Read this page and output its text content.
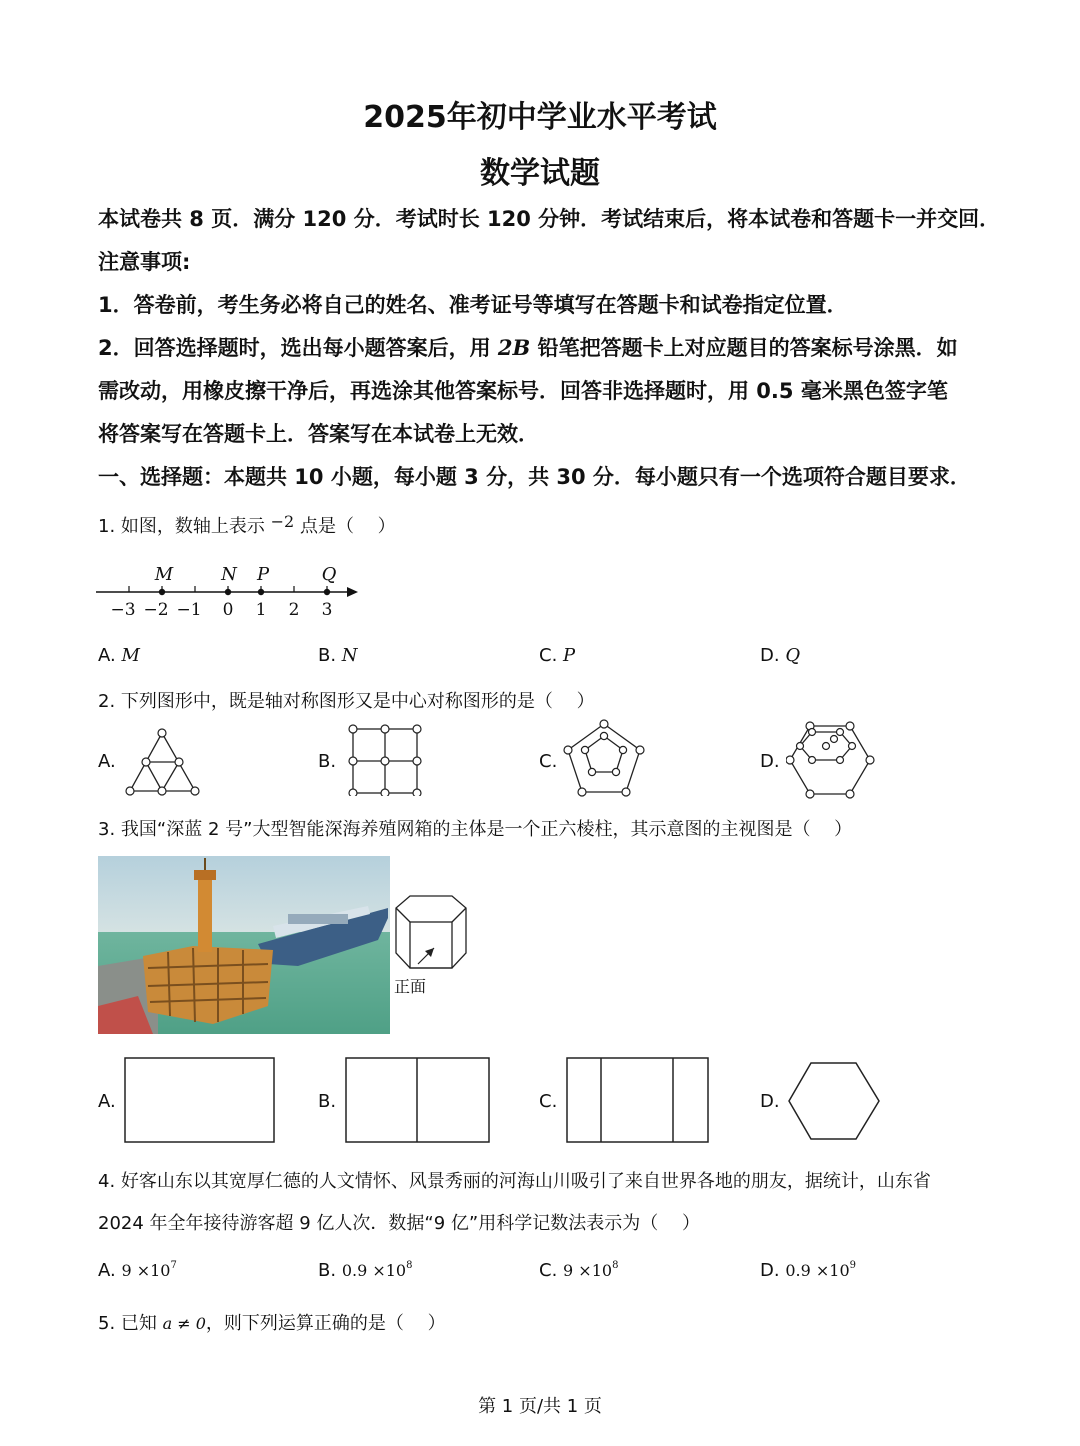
2025年初中学业水平考试
数学试题
本试卷共 8 页．满分 120 分．考试时长 120 分钟．考试结束后，将本试卷和答题卡一并交回．
注意事项:
1．答卷前，考生务必将自己的姓名、准考证号等填写在答题卡和试卷指定位置．
2．回答选择题时，选出每小题答案后，用 2B 铅笔把答题卡上对应题目的答案标号涂黑．如
需改动，用橡皮擦干净后，再选涂其他答案标号．回答非选择题时，用 0.5 毫米黑色签字笔
将答案写在答题卡上．答案写在本试卷上无效．
一、选择题：本题共 10 小题，每小题 3 分，共 30 分．每小题只有一个选项符合题目要求．
1. 如图，数轴上表示 −2 点是（　 ）
M	N P	Q
−3 −2 −1 0 1 2 3
A. M	B. N	C. P	D. Q
2. 下列图形中，既是轴对称图形又是中心对称图形的是（　 ）
A.	B.	C.	D.
3. 我国“深蓝 2 号”大型智能深海养殖网箱的主体是一个正六棱柱，其示意图的主视图是（　 ）
正面
A.	B.	C.	D.
4. 好客山东以其宽厚仁德的人文情怀、风景秀丽的河海山川吸引了来自世界各地的朋友，据统计，山东省
2024 年全年接待游客超 9 亿人次．数据“9 亿”用科学记数法表示为（　 ）
A. $9 \times 10^7$	B. $0.9 \times 10^8$	C. $9 \times 10^8$	D. $0.9 \times 10^9$
5. 已知 a ≠ 0，则下列运算正确的是（　 ）
第 1 页/共 1 页
